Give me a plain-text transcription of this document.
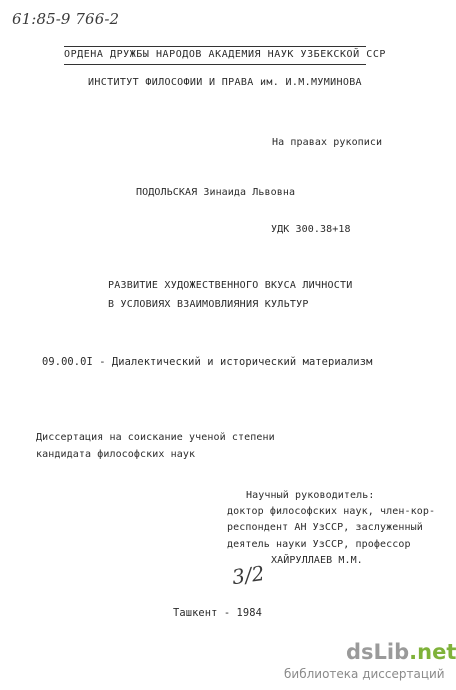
61:85-9 766-2
ОРДЕНА ДРУЖБЫ НАРОДОВ АКАДЕМИЯ НАУК УЗБЕКСКОЙ ССР
ИНСТИТУТ ФИЛОСОФИИ И ПРАВА им. И.М.МУМИНОВА
На правах рукописи
ПОДОЛЬСКАЯ Зинаида Львовна
УДК 300.38+18
РАЗВИТИЕ ХУДОЖЕСТВЕННОГО ВКУСА ЛИЧНОСТИ
В УСЛОВИЯХ ВЗАИМОВЛИЯНИЯ КУЛЬТУР
09.00.0I - Диалектический и исторический материализм
Диссертация на соискание ученой степени
кандидата философских наук
Научный руководитель:
доктор философских наук, член-кор-
респондент АН УзССР, заслуженный
деятель науки УзССР, профессор
ХАЙРУЛЛАЕВ М.М.
3/2
Ташкент - 1984
dsLib.net
библиотека диссертаций
